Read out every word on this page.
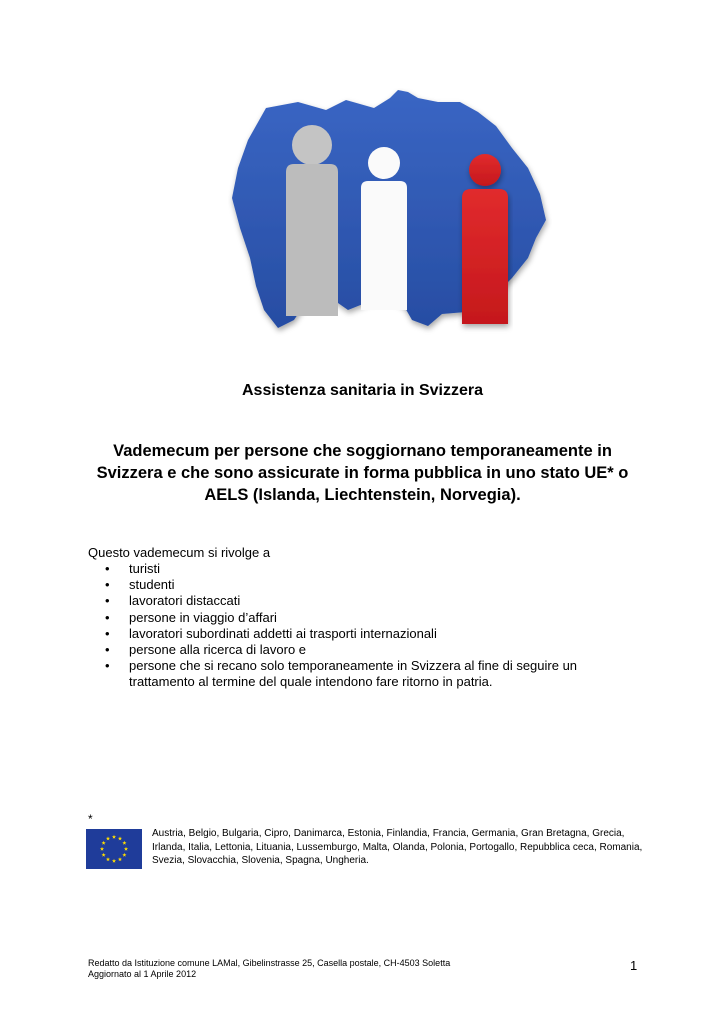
Assistenza sanitaria in Svizzera
Vademecum per persone che soggiornano temporaneamente in Svizzera e che sono assicurate in forma pubblica in uno stato UE* o AELS (Islanda, Liechtenstein, Norvegia).
Questo vademecum si rivolge a
• turisti
• studenti
• lavoratori distaccati
• persone in viaggio d’affari
• lavoratori subordinati addetti ai trasporti internazionali
• persone alla ricerca di lavoro e
• persone che si recano solo temporaneamente in Svizzera al fine di seguire un trattamento al termine del quale intendono fare ritorno in patria.
*
Austria, Belgio, Bulgaria, Cipro, Danimarca, Estonia, Finlandia, Francia, Germania, Gran Bretagna, Grecia, Irlanda, Italia, Lettonia, Lituania, Lussemburgo, Malta, Olanda, Polonia, Portogallo, Repubblica ceca, Romania, Svezia, Slovacchia, Slovenia, Spagna, Ungheria.
Redatto da Istituzione comune LAMal, Gibelinstrasse 25, Casella postale, CH-4503 Soletta
Aggiornato al 1 Aprile 2012
1
